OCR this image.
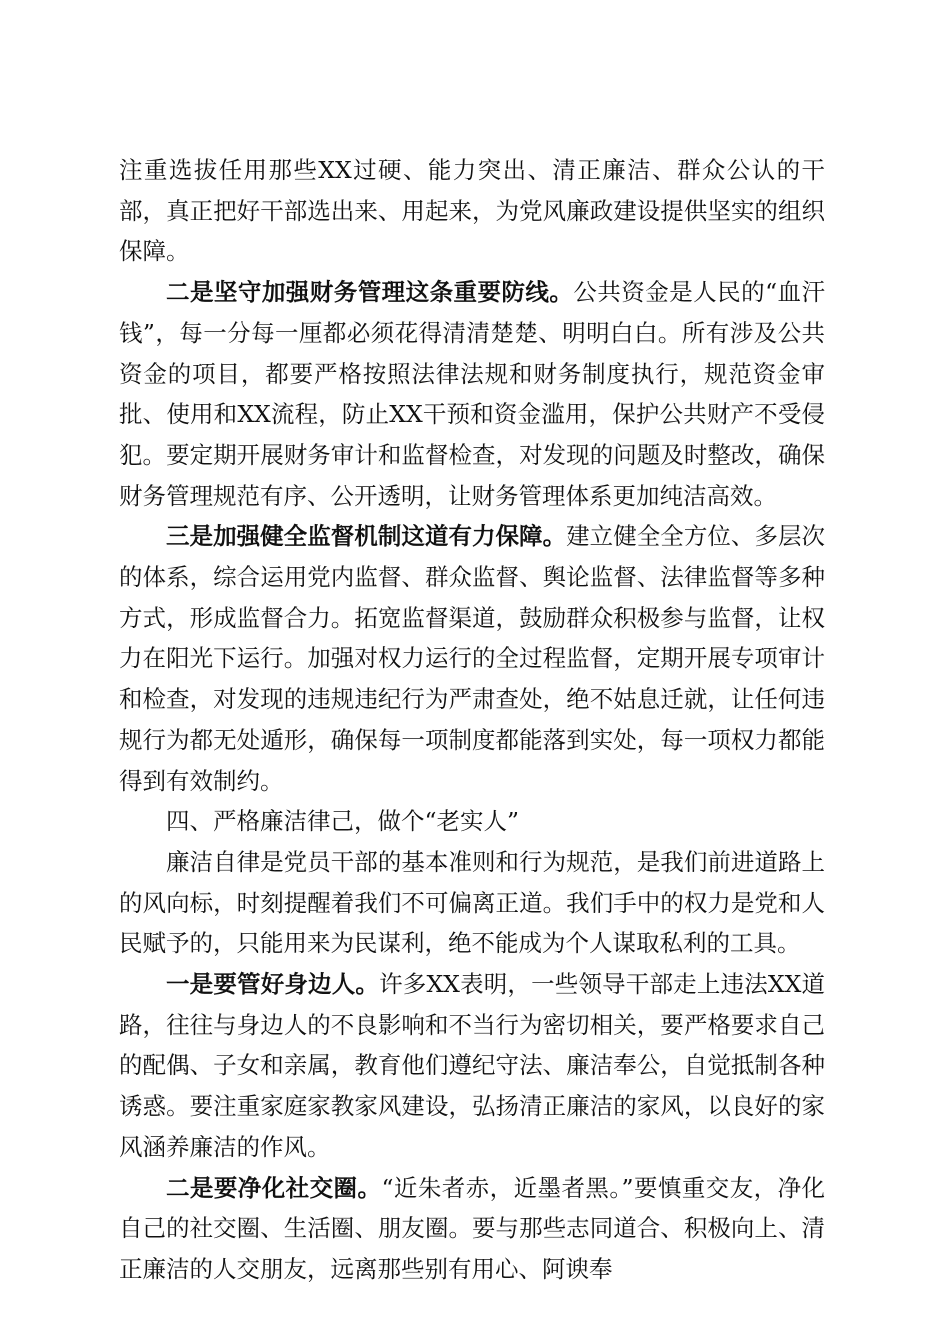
注重选拔任用那些XX过硬、能力突出、清正廉洁、群众公认的干部，真正把好干部选出来、用起来，为党风廉政建设提供坚实的组织保障。

二是坚守加强财务管理这条重要防线。公共资金是人民的“血汗钱”，每一分每一厘都必须花得清清楚楚、明明白白。所有涉及公共资金的项目，都要严格按照法律法规和财务制度执行，规范资金审批、使用和XX流程，防止XX干预和资金滥用，保护公共财产不受侵犯。要定期开展财务审计和监督检查，对发现的问题及时整改，确保财务管理规范有序、公开透明，让财务管理体系更加纯洁高效。

三是加强健全监督机制这道有力保障。建立健全全方位、多层次的体系，综合运用党内监督、群众监督、舆论监督、法律监督等多种方式，形成监督合力。拓宽监督渠道，鼓励群众积极参与监督，让权力在阳光下运行。加强对权力运行的全过程监督，定期开展专项审计和检查，对发现的违规违纪行为严肃查处，绝不姑息迁就，让任何违规行为都无处遁形，确保每一项制度都能落到实处，每一项权力都能得到有效制约。

四、严格廉洁律己，做个“老实人”

廉洁自律是党员干部的基本准则和行为规范，是我们前进道路上的风向标，时刻提醒着我们不可偏离正道。我们手中的权力是党和人民赋予的，只能用来为民谋利，绝不能成为个人谋取私利的工具。

一是要管好身边人。许多XX表明，一些领导干部走上违法XX道路，往往与身边人的不良影响和不当行为密切相关，要严格要求自己的配偶、子女和亲属，教育他们遵纪守法、廉洁奉公，自觉抵制各种诱惑。要注重家庭家教家风建设，弘扬清正廉洁的家风，以良好的家风涵养廉洁的作风。

二是要净化社交圈。“近朱者赤，近墨者黑。”要慎重交友，净化自己的社交圈、生活圈、朋友圈。要与那些志同道合、积极向上、清正廉洁的人交朋友，远离那些别有用心、阿谀奉
